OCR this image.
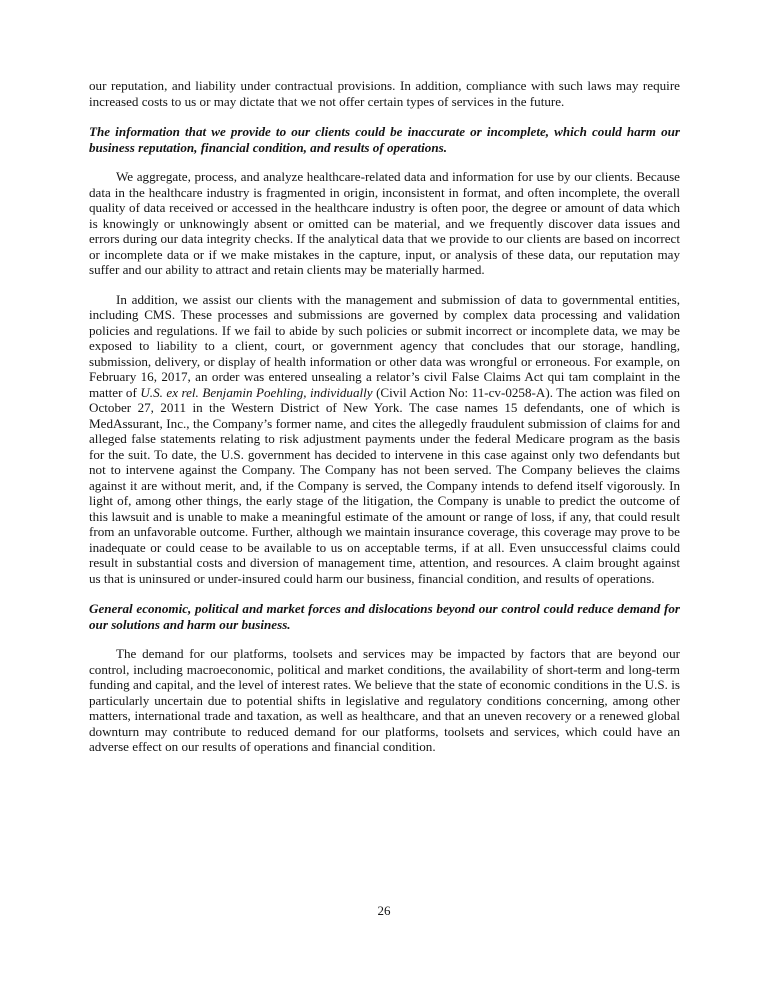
our reputation, and liability under contractual provisions. In addition, compliance with such laws may require increased costs to us or may dictate that we not offer certain types of services in the future.

The information that we provide to our clients could be inaccurate or incomplete, which could harm our business reputation, financial condition, and results of operations.

We aggregate, process, and analyze healthcare-related data and information for use by our clients. Because data in the healthcare industry is fragmented in origin, inconsistent in format, and often incomplete, the overall quality of data received or accessed in the healthcare industry is often poor, the degree or amount of data which is knowingly or unknowingly absent or omitted can be material, and we frequently discover data issues and errors during our data integrity checks. If the analytical data that we provide to our clients are based on incorrect or incomplete data or if we make mistakes in the capture, input, or analysis of these data, our reputation may suffer and our ability to attract and retain clients may be materially harmed.

In addition, we assist our clients with the management and submission of data to governmental entities, including CMS. These processes and submissions are governed by complex data processing and validation policies and regulations. If we fail to abide by such policies or submit incorrect or incomplete data, we may be exposed to liability to a client, court, or government agency that concludes that our storage, handling, submission, delivery, or display of health information or other data was wrongful or erroneous. For example, on February 16, 2017, an order was entered unsealing a relator’s civil False Claims Act qui tam complaint in the matter of U.S. ex rel. Benjamin Poehling, individually (Civil Action No: 11-cv-0258-A). The action was filed on October 27, 2011 in the Western District of New York. The case names 15 defendants, one of which is MedAssurant, Inc., the Company’s former name, and cites the allegedly fraudulent submission of claims for and alleged false statements relating to risk adjustment payments under the federal Medicare program as the basis for the suit. To date, the U.S. government has decided to intervene in this case against only two defendants but not to intervene against the Company. The Company has not been served. The Company believes the claims against it are without merit, and, if the Company is served, the Company intends to defend itself vigorously. In light of, among other things, the early stage of the litigation, the Company is unable to predict the outcome of this lawsuit and is unable to make a meaningful estimate of the amount or range of loss, if any, that could result from an unfavorable outcome. Further, although we maintain insurance coverage, this coverage may prove to be inadequate or could cease to be available to us on acceptable terms, if at all. Even unsuccessful claims could result in substantial costs and diversion of management time, attention, and resources. A claim brought against us that is uninsured or under-insured could harm our business, financial condition, and results of operations.

General economic, political and market forces and dislocations beyond our control could reduce demand for our solutions and harm our business.

The demand for our platforms, toolsets and services may be impacted by factors that are beyond our control, including macroeconomic, political and market conditions, the availability of short-term and long-term funding and capital, and the level of interest rates. We believe that the state of economic conditions in the U.S. is particularly uncertain due to potential shifts in legislative and regulatory conditions concerning, among other matters, international trade and taxation, as well as healthcare, and that an uneven recovery or a renewed global downturn may contribute to reduced demand for our platforms, toolsets and services, which could have an adverse effect on our results of operations and financial condition.

26
